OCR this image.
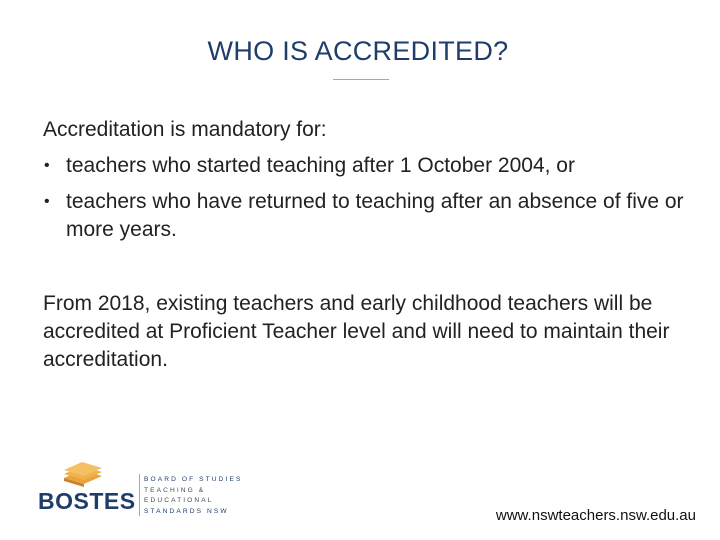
WHO IS ACCREDITED?
Accreditation is mandatory for:
• teachers who started teaching after 1 October 2004, or
• teachers who have returned to teaching after an absence of five or more years.
From 2018, existing teachers and early childhood teachers will be accredited at Proficient Teacher level and will need to maintain their accreditation.
BOSTES
BOARD OF STUDIES
TEACHING &
EDUCATIONAL
STANDARDS NSW	www.nswteachers.nsw.edu.au
